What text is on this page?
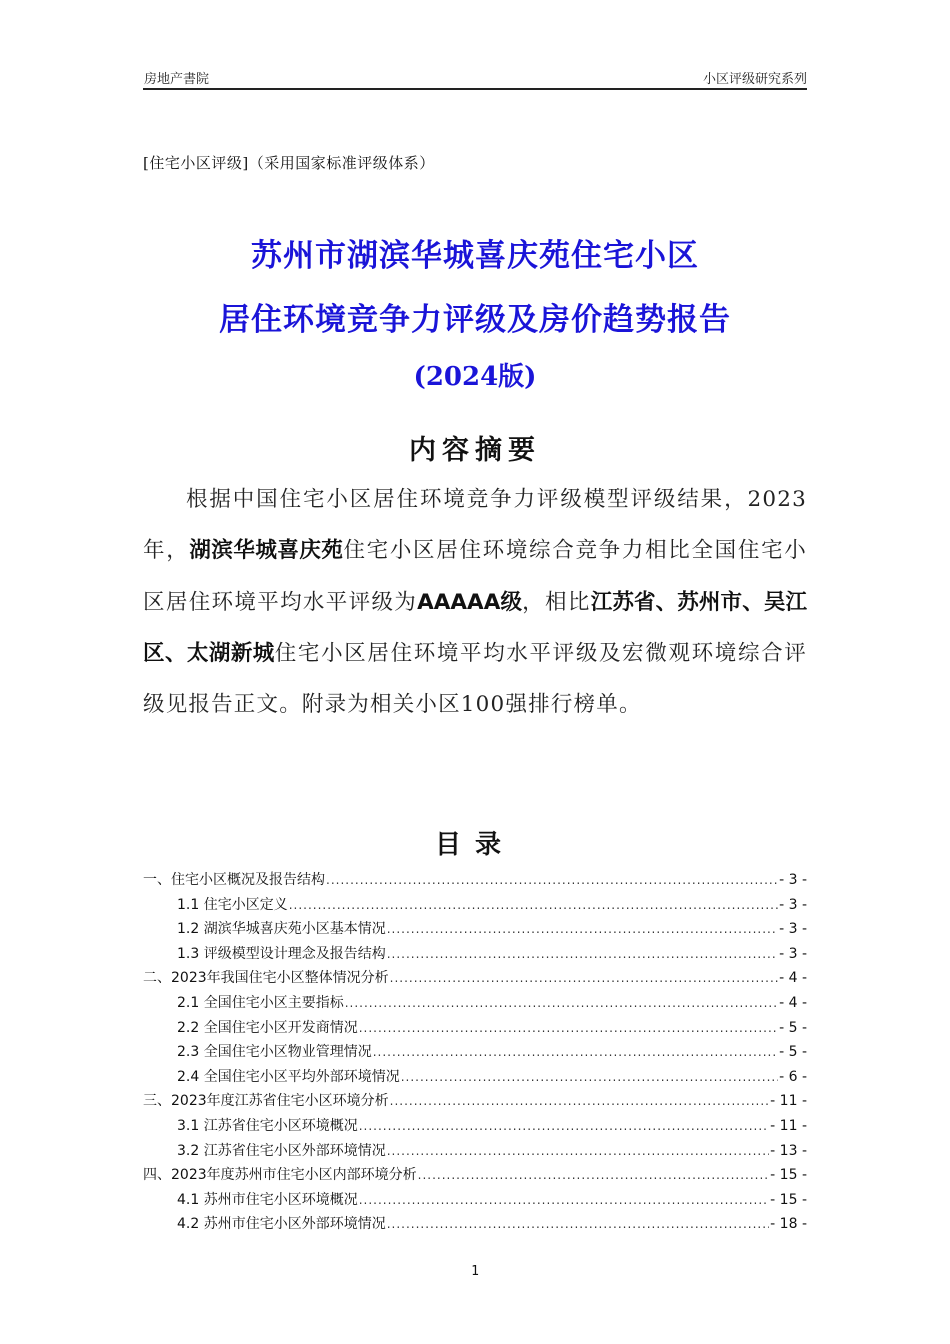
房地产書院	小区评级研究系列
[住宅小区评级]（采用国家标准评级体系）
苏州市湖滨华城喜庆苑住宅小区
居住环境竞争力评级及房价趋势报告
(2024版)
内容摘要
根据中国住宅小区居住环境竞争力评级模型评级结果，2023年，湖滨华城喜庆苑住宅小区居住环境综合竞争力相比全国住宅小区居住环境平均水平评级为AAAAA级，相比江苏省、苏州市、吴江区、太湖新城住宅小区居住环境平均水平评级及宏微观环境综合评级见报告正文。附录为相关小区100强排行榜单。
目录
一、住宅小区概况及报告结构 .....	- 3 -
1.1 住宅小区定义 .....	- 3 -
1.2 湖滨华城喜庆苑小区基本情况 .....	- 3 -
1.3 评级模型设计理念及报告结构 .....	- 3 -
二、2023年我国住宅小区整体情况分析 .....	- 4 -
2.1 全国住宅小区主要指标 .....	- 4 -
2.2 全国住宅小区开发商情况 .....	- 5 -
2.3 全国住宅小区物业管理情况 .....	- 5 -
2.4 全国住宅小区平均外部环境情况 .....	- 6 -
三、2023年度江苏省住宅小区环境分析 .....	- 11 -
3.1 江苏省住宅小区环境概况 .....	- 11 -
3.2 江苏省住宅小区外部环境情况 .....	- 13 -
四、2023年度苏州市住宅小区内部环境分析 .....	- 15 -
4.1 苏州市住宅小区环境概况 .....	- 15 -
4.2 苏州市住宅小区外部环境情况 .....	- 18 -
1
